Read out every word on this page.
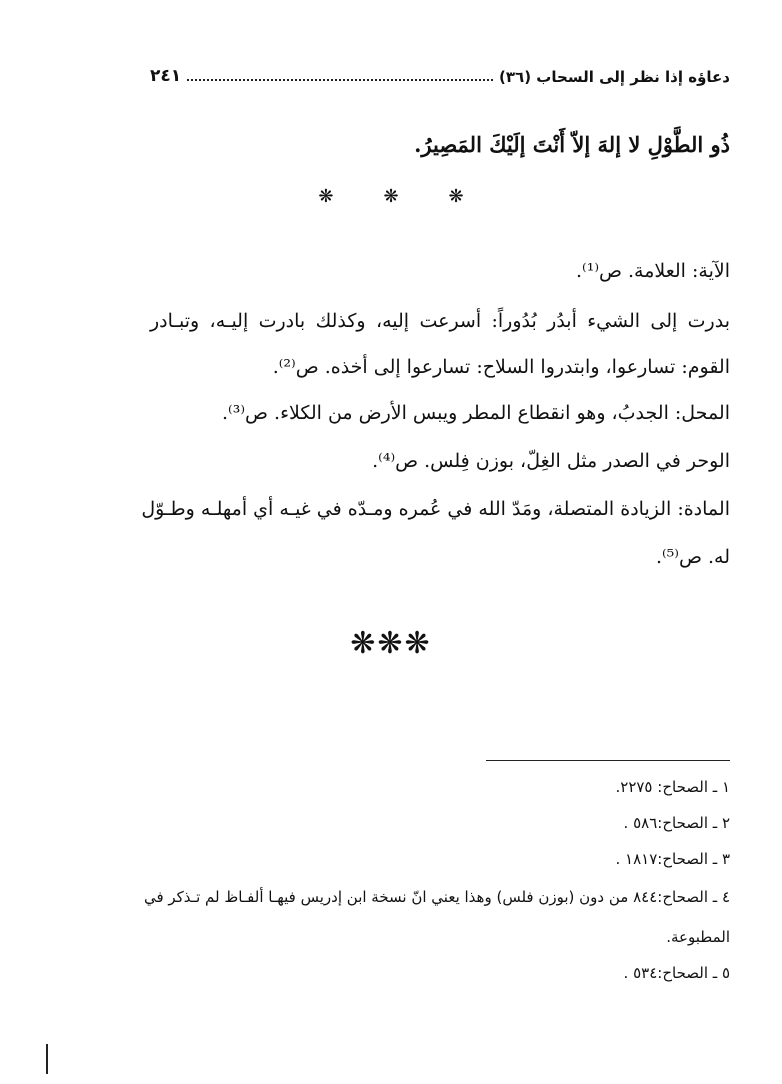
دعاؤه إذا نظر إلى السحاب (٣٦)
٢٤١
ذُو الطَّوْلِ لا إلهَ إلاّ أَنْتَ إلَيْكَ المَصِيرُ.
❋	❋	❋
الآية: العلامة. ص⁽¹⁾.
بدرت إلى الشيء أبدُر بُدُوراً: أسرعت إليه، وكذلك بادرت إليـه، وتبـادر
القوم: تسارعوا، وابتدروا السلاح: تسارعوا إلى أخذه. ص⁽²⁾.
المحل: الجدبُ، وهو انقطاع المطر ويبس الأرض من الكلاء. ص⁽³⁾.
الوحر في الصدر مثل الغِلّ، بوزن فِلس. ص⁽⁴⁾.
المادة: الزيادة المتصلة، ومَدّ الله في عُمره ومـدّه في غيـه أي أمهلـه وطـوّل
له. ص⁽⁵⁾.
❋❋❋
١ ـ الصحاح: ٢٢٧٥.
٢ ـ الصحاح:٥٨٦ .
٣ ـ الصحاح:١٨١٧ .
٤ ـ الصحاح:٨٤٤ من دون (بوزن فلس) وهذا يعني انّ نسخة ابن إدريس فيهـا ألفـاظ لم تـذكر في
المطبوعة.
٥ ـ الصحاح:٥٣٤ .
